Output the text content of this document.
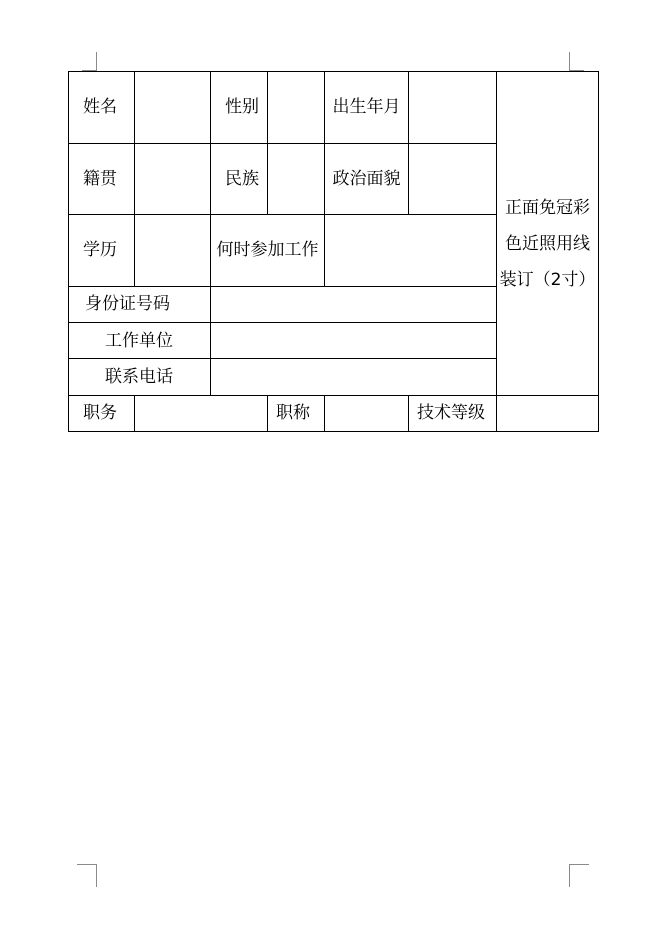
姓名		性别		出生年月		正面免冠彩色近照用线装订（2寸）
籍贯		民族		政治面貌		
学历		何时参加工作				
身份证号码						
工作单位						
联系电话						
职务			职称		技术等级	
